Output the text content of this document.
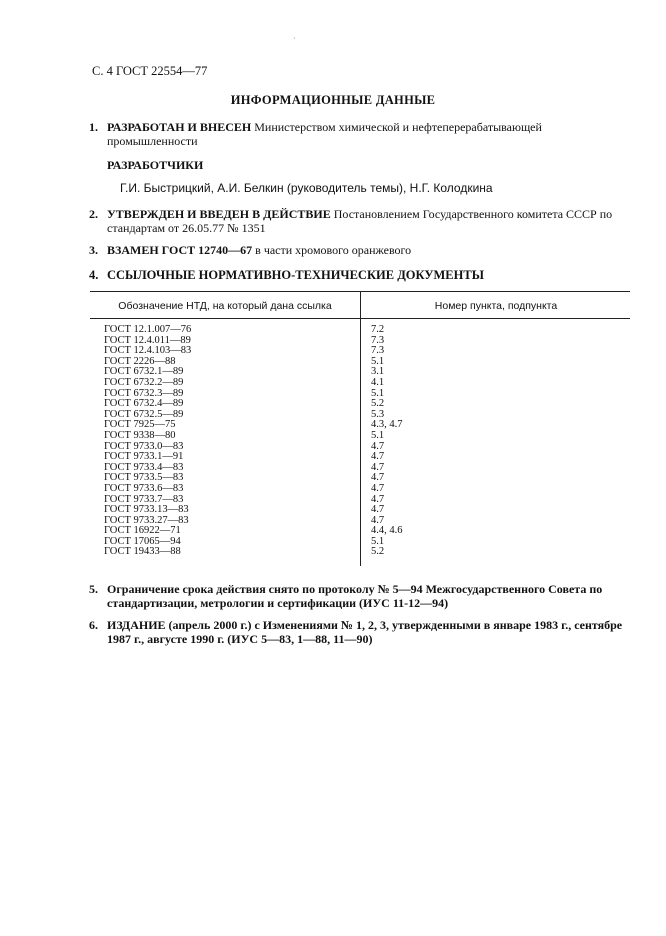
·
С. 4 ГОСТ 22554—77
ИНФОРМАЦИОННЫЕ ДАННЫЕ
1. РАЗРАБОТАН И ВНЕСЕН Министерством химической и нефтеперерабатывающей промышленности
РАЗРАБОТЧИКИ
Г.И. Быстрицкий, А.И. Белкин (руководитель темы), Н.Г. Колодкина
2. УТВЕРЖДЕН И ВВЕДЕН В ДЕЙСТВИЕ Постановлением Государственного комитета СССР по стандартам от 26.05.77 № 1351
3. ВЗАМЕН ГОСТ 12740—67 в части хромового оранжевого
4. ССЫЛОЧНЫЕ НОРМАТИВНО-ТЕХНИЧЕСКИЕ ДОКУМЕНТЫ
Обозначение НТД, на который дана ссылка	Номер пункта, подпункта
ГОСТ 12.1.007—76	7.2
ГОСТ 12.4.011—89	7.3
ГОСТ 12.4.103—83	7.3
ГОСТ 2226—88	5.1
ГОСТ 6732.1—89	3.1
ГОСТ 6732.2—89	4.1
ГОСТ 6732.3—89	5.1
ГОСТ 6732.4—89	5.2
ГОСТ 6732.5—89	5.3
ГОСТ 7925—75	4.3, 4.7
ГОСТ 9338—80	5.1
ГОСТ 9733.0—83	4.7
ГОСТ 9733.1—91	4.7
ГОСТ 9733.4—83	4.7
ГОСТ 9733.5—83	4.7
ГОСТ 9733.6—83	4.7
ГОСТ 9733.7—83	4.7
ГОСТ 9733.13—83	4.7
ГОСТ 9733.27—83	4.7
ГОСТ 16922—71	4.4, 4.6
ГОСТ 17065—94	5.1
ГОСТ 19433—88	5.2
5. Ограничение срока действия снято по протоколу № 5—94 Межгосударственного Совета по стандартизации, метрологии и сертификации (ИУС 11-12—94)
6. ИЗДАНИЕ (апрель 2000 г.) с Изменениями № 1, 2, 3, утвержденными в январе 1983 г., сентябре 1987 г., августе 1990 г. (ИУС 5—83, 1—88, 11—90)
